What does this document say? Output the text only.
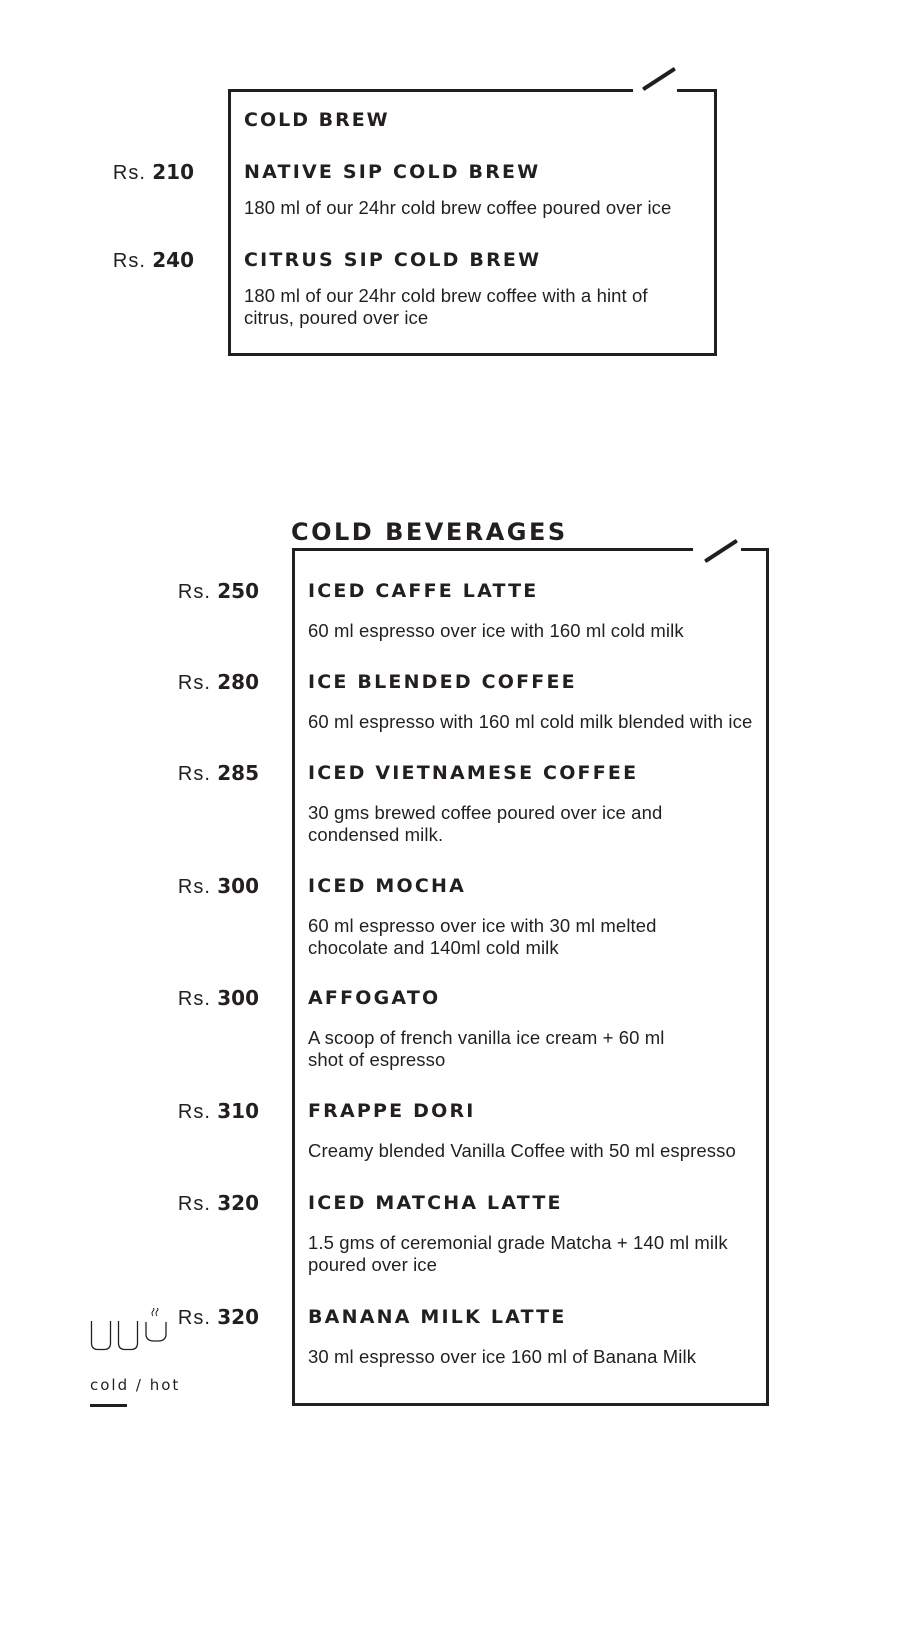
COLD BREW
Rs. 210	NATIVE SIP COLD BREW
180 ml of our 24hr cold brew coffee poured over ice
Rs. 240	CITRUS SIP COLD BREW
180 ml of our 24hr cold brew coffee with a hint of
citrus, poured over ice
COLD BEVERAGES
Rs. 250	ICED CAFFE LATTE
60 ml espresso over ice with 160 ml cold milk
Rs. 280	ICE BLENDED COFFEE
60 ml espresso with 160 ml cold milk blended with ice
Rs. 285	ICED VIETNAMESE COFFEE
30 gms brewed coffee poured over ice and
condensed milk.
Rs. 300	ICED MOCHA
60 ml espresso over ice with 30 ml melted
chocolate and 140ml cold milk
Rs. 300	AFFOGATO
A scoop of french vanilla ice cream + 60 ml
shot of espresso
Rs. 310	FRAPPE DORI
Creamy blended Vanilla Coffee with 50 ml espresso
Rs. 320	ICED MATCHA LATTE
1.5 gms of ceremonial grade Matcha + 140 ml milk
poured over ice
Rs. 320	BANANA MILK LATTE
30 ml espresso over ice 160 ml of Banana Milk
cold / hot
